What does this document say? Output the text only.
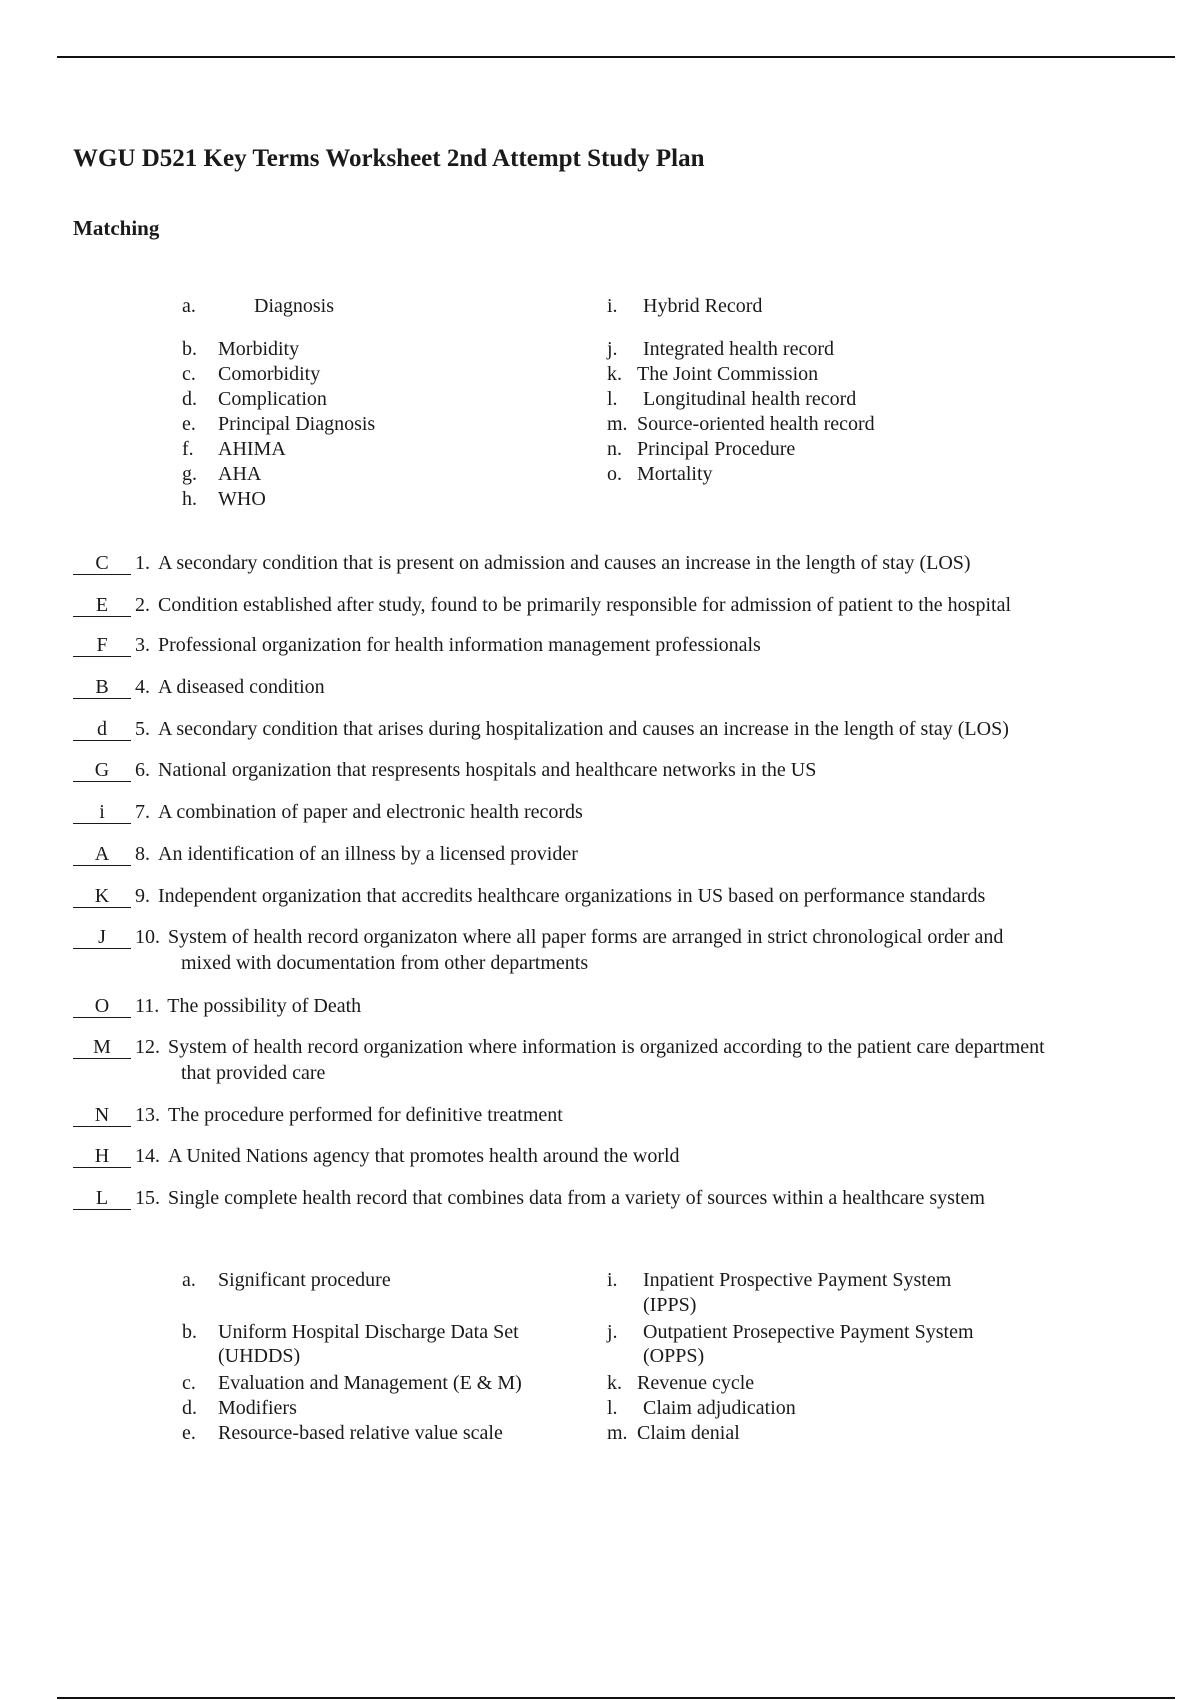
WGU D521 Key Terms Worksheet 2nd Attempt Study Plan
Matching
a.	Diagnosis
b. Morbidity
c. Comorbidity
d. Complication
e. Principal Diagnosis
f. AHIMA
g. AHA
h. WHO
i. Hybrid Record
j. Integrated health record
k. The Joint Commission
l. Longitudinal health record
m. Source-oriented health record
n. Principal Procedure
o. Mortality
C 1. A secondary condition that is present on admission and causes an increase in the length of stay (LOS)
E 2. Condition established after study, found to be primarily responsible for admission of patient to the hospital
F 3. Professional organization for health information management professionals
B 4. A diseased condition
d 5. A secondary condition that arises during hospitalization and causes an increase in the length of stay (LOS)
G 6. National organization that respresents hospitals and healthcare networks in the US
i 7. A combination of paper and electronic health records
A 8. An identification of an illness by a licensed provider
K 9. Independent organization that accredits healthcare organizations in US based on performance standards
J 10. System of health record organizaton where all paper forms are arranged in strict chronological order and
mixed with documentation from other departments
O 11. The possibility of Death
M 12. System of health record organization where information is organized according to the patient care department
that provided care
N 13. The procedure performed for definitive treatment
H 14. A United Nations agency that promotes health around the world
L 15. Single complete health record that combines data from a variety of sources within a healthcare system
a. Significant procedure
b. Uniform Hospital Discharge Data Set
(UHDDS)
c. Evaluation and Management (E & M)
d. Modifiers
e. Resource-based relative value scale
i. Inpatient Prospective Payment System
(IPPS)
j. Outpatient Prosepective Payment System
(OPPS)
k. Revenue cycle
l. Claim adjudication
m. Claim denial
